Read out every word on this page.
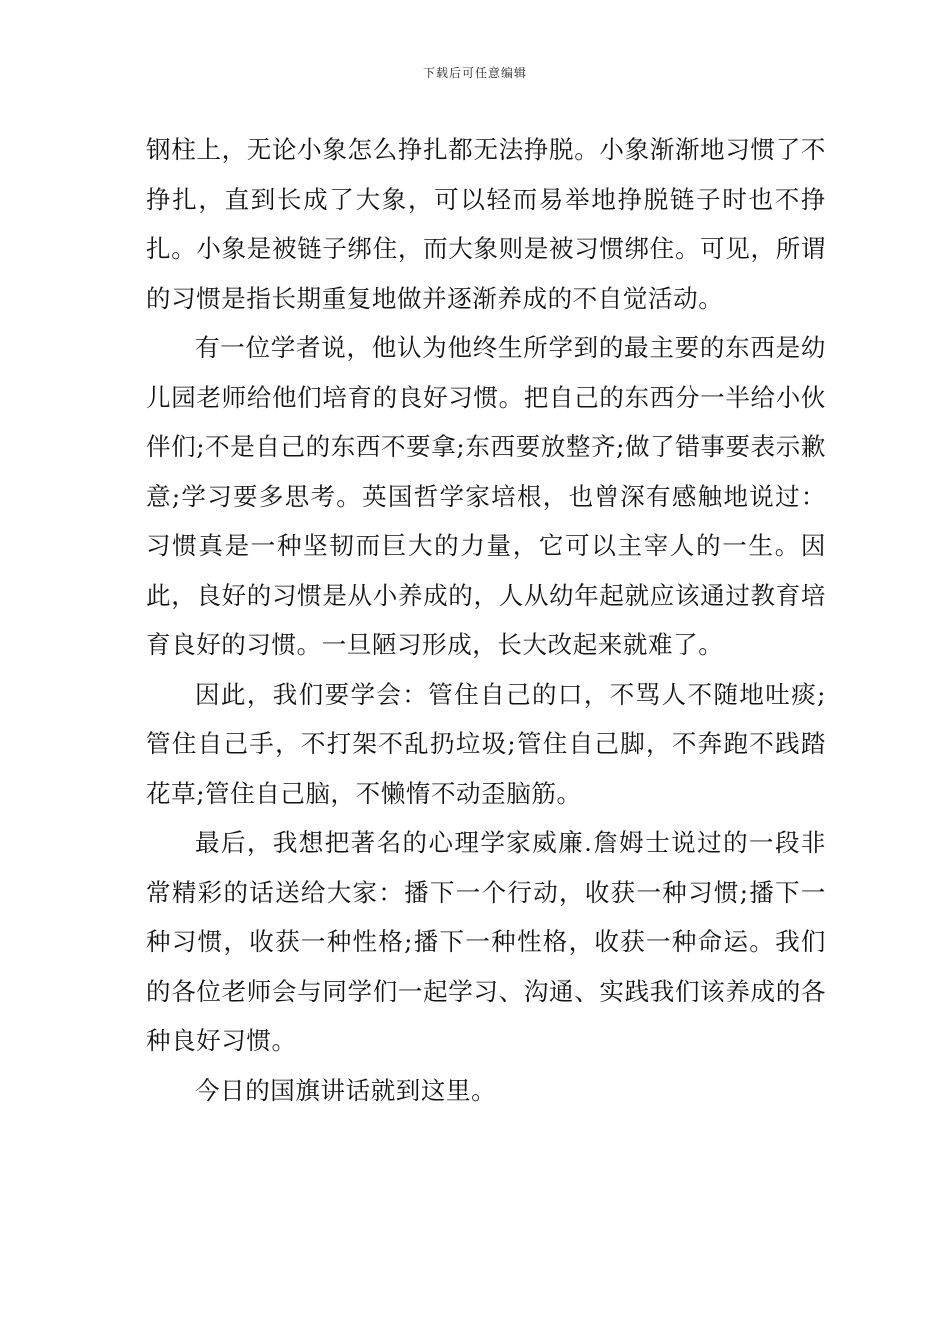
下载后可任意编辑

钢柱上，无论小象怎么挣扎都无法挣脱。小象渐渐地习惯了不挣扎，直到长成了大象，可以轻而易举地挣脱链子时也不挣扎。小象是被链子绑住，而大象则是被习惯绑住。可见，所谓的习惯是指长期重复地做并逐渐养成的不自觉活动。

有一位学者说，他认为他终生所学到的最主要的东西是幼儿园老师给他们培育的良好习惯。把自己的东西分一半给小伙伴们;不是自己的东西不要拿;东西要放整齐;做了错事要表示歉意;学习要多思考。英国哲学家培根，也曾深有感触地说过：习惯真是一种坚韧而巨大的力量，它可以主宰人的一生。因此，良好的习惯是从小养成的，人从幼年起就应该通过教育培育良好的习惯。一旦陋习形成，长大改起来就难了。

因此，我们要学会：管住自己的口，不骂人不随地吐痰;管住自己手，不打架不乱扔垃圾;管住自己脚，不奔跑不践踏花草;管住自己脑，不懒惰不动歪脑筋。

最后，我想把著名的心理学家威廉.詹姆士说过的一段非常精彩的话送给大家：播下一个行动，收获一种习惯;播下一种习惯，收获一种性格;播下一种性格，收获一种命运。我们的各位老师会与同学们一起学习、沟通、实践我们该养成的各种良好习惯。

今日的国旗讲话就到这里。
